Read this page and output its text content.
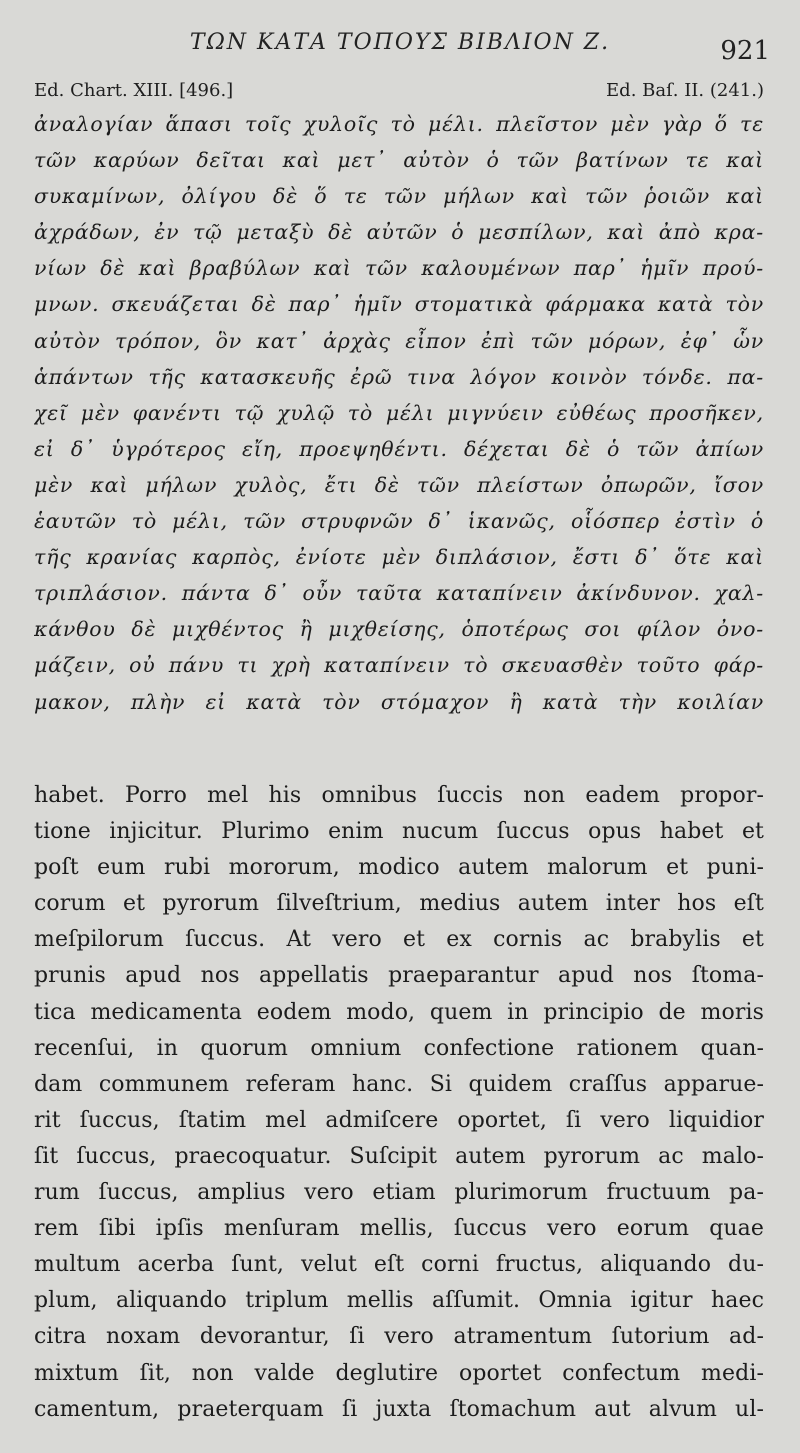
ΤΩΝ ΚΑΤΑ ΤΟΠΟΥΣ ΒΙΒΛΙΟΝ Ζ.	921
Ed. Chart. XIII. [496.]	Ed. Baſ. II. (241.)
ἀναλογίαν ἅπασι τοῖς χυλοῖς τὸ μέλι. πλεῖστον μὲν γὰρ ὅ τε
τῶν καρύων δεῖται καὶ μετ᾽ αὐτὸν ὁ τῶν βατίνων τε καὶ
συκαμίνων, ὀλίγου δὲ ὅ τε τῶν μήλων καὶ τῶν ῥοιῶν καὶ
ἀχράδων, ἐν τῷ μεταξὺ δὲ αὐτῶν ὁ μεσπίλων, καὶ ἀπὸ κρα-
νίων δὲ καὶ βραβύλων καὶ τῶν καλουμένων παρ᾽ ἡμῖν πρού-
μνων. σκευάζεται δὲ παρ᾽ ἡμῖν στοματικὰ φάρμακα κατὰ τὸν
αὐτὸν τρόπον, ὃν κατ᾽ ἀρχὰς εἶπον ἐπὶ τῶν μόρων, ἐφ᾽ ὧν
ἁπάντων τῆς κατασκευῆς ἐρῶ τινα λόγον κοινὸν τόνδε. πα-
χεῖ μὲν φανέντι τῷ χυλῷ τὸ μέλι μιγνύειν εὐθέως προσῆκεν,
εἰ δ᾽ ὑγρότερος εἴη, προεψηθέντι. δέχεται δὲ ὁ τῶν ἀπίων
μὲν καὶ μήλων χυλὸς, ἔτι δὲ τῶν πλείστων ὀπωρῶν, ἴσον
ἑαυτῶν τὸ μέλι, τῶν στρυφνῶν δ᾽ ἱκανῶς, οἷόσπερ ἐστὶν ὁ
τῆς κρανίας καρπὸς, ἐνίοτε μὲν διπλάσιον, ἔστι δ᾽ ὅτε καὶ
τριπλάσιον. πάντα δ᾽ οὖν ταῦτα καταπίνειν ἀκίνδυνον. χαλ-
κάνθου δὲ μιχθέντος ἢ μιχθείσης, ὁποτέρως σοι φίλον ὀνο-
μάζειν, οὐ πάνυ τι χρὴ καταπίνειν τὸ σκευασθὲν τοῦτο φάρ-
μακον, πλὴν εἰ κατὰ τὸν στόμαχον ἢ κατὰ τὴν κοιλίαν
habet. Porro mel his omnibus ſuccis non eadem propor-
tione injicitur. Plurimo enim nucum ſuccus opus habet et
poſt eum rubi mororum, modico autem malorum et puni-
corum et pyrorum ſilveſtrium, medius autem inter hos eſt
meſpilorum ſuccus. At vero et ex cornis ac brabylis et
prunis apud nos appellatis praeparantur apud nos ſtoma-
tica medicamenta eodem modo, quem in principio de moris
recenſui, in quorum omnium confectione rationem quan-
dam communem referam hanc. Si quidem craſſus apparue-
rit ſuccus, ſtatim mel admiſcere oportet, ſi vero liquidior
ſit ſuccus, praecoquatur. Suſcipit autem pyrorum ac malo-
rum ſuccus, amplius vero etiam plurimorum fructuum pa-
rem ſibi ipſis menſuram mellis, ſuccus vero eorum quae
multum acerba ſunt, velut eſt corni fructus, aliquando du-
plum, aliquando triplum mellis aſſumit. Omnia igitur haec
citra noxam devorantur, ſi vero atramentum ſutorium ad-
mixtum ſit, non valde deglutire oportet confectum medi-
camentum, praeterquam ſi juxta ſtomachum aut alvum ul-
